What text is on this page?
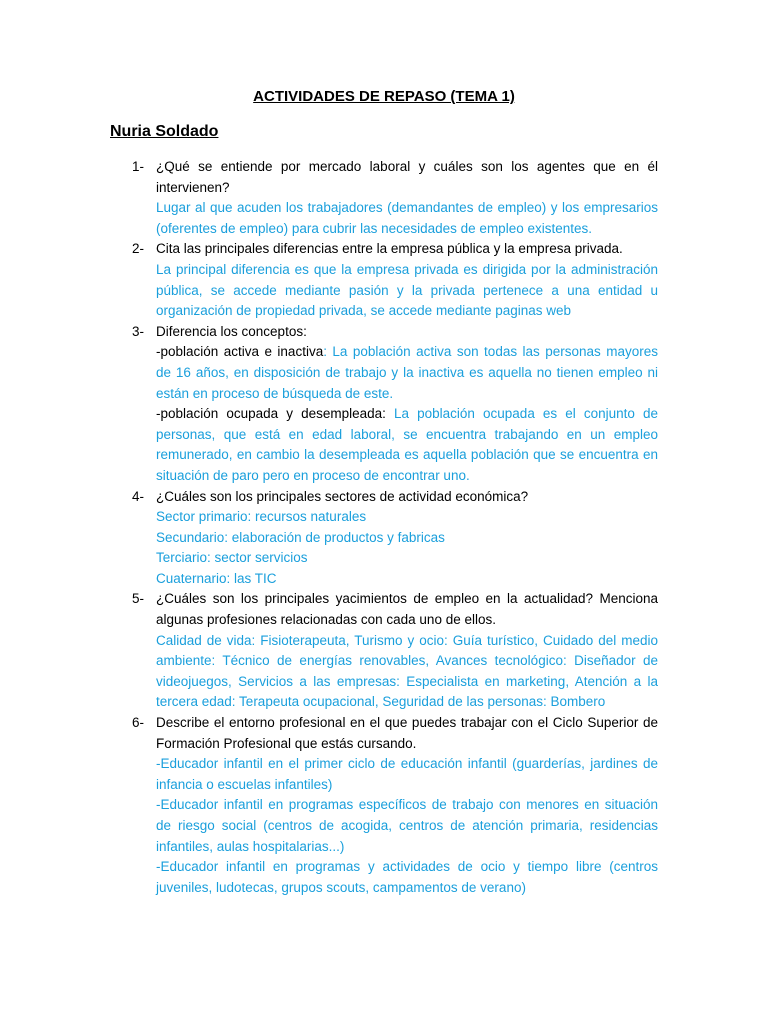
ACTIVIDADES DE REPASO (TEMA 1)
Nuria Soldado
1- ¿Qué se entiende por mercado laboral y cuáles son los agentes que en él intervienen?

Lugar al que acuden los trabajadores (demandantes de empleo) y los empresarios (oferentes de empleo) para cubrir las necesidades de empleo existentes.

2- Cita las principales diferencias entre la empresa pública y la empresa privada.

La principal diferencia es que la empresa privada es dirigida por la administración pública, se accede mediante pasión y la privada pertenece a una entidad u organización de propiedad privada, se accede mediante paginas web

3- Diferencia los conceptos:

-población activa e inactiva: La población activa son todas las personas mayores de 16 años, en disposición de trabajo y la inactiva es aquella no tienen empleo ni están en proceso de búsqueda de este.

-población ocupada y desempleada: La población ocupada es el conjunto de personas, que está en edad laboral, se encuentra trabajando en un empleo remunerado, en cambio la desempleada es aquella población que se encuentra en situación de paro pero en proceso de encontrar uno.

4- ¿Cuáles son los principales sectores de actividad económica?

Sector primario: recursos naturales

Secundario: elaboración de productos y fabricas

Terciario: sector servicios

Cuaternario: las TIC

5- ¿Cuáles son los principales yacimientos de empleo en la actualidad? Menciona algunas profesiones relacionadas con cada uno de ellos.

Calidad de vida: Fisioterapeuta, Turismo y ocio: Guía turístico, Cuidado del medio ambiente: Técnico de energías renovables, Avances tecnológico: Diseñador de videojuegos, Servicios a las empresas: Especialista en marketing, Atención a la tercera edad: Terapeuta ocupacional, Seguridad de las personas: Bombero

6- Describe el entorno profesional en el que puedes trabajar con el Ciclo Superior de Formación Profesional que estás cursando.

-Educador infantil en el primer ciclo de educación infantil (guarderías, jardines de infancia o escuelas infantiles)

-Educador infantil en programas específicos de trabajo con menores en situación de riesgo social (centros de acogida, centros de atención primaria, residencias infantiles, aulas hospitalarias...)

-Educador infantil en programas y actividades de ocio y tiempo libre (centros juveniles, ludotecas, grupos scouts, campamentos de verano)
